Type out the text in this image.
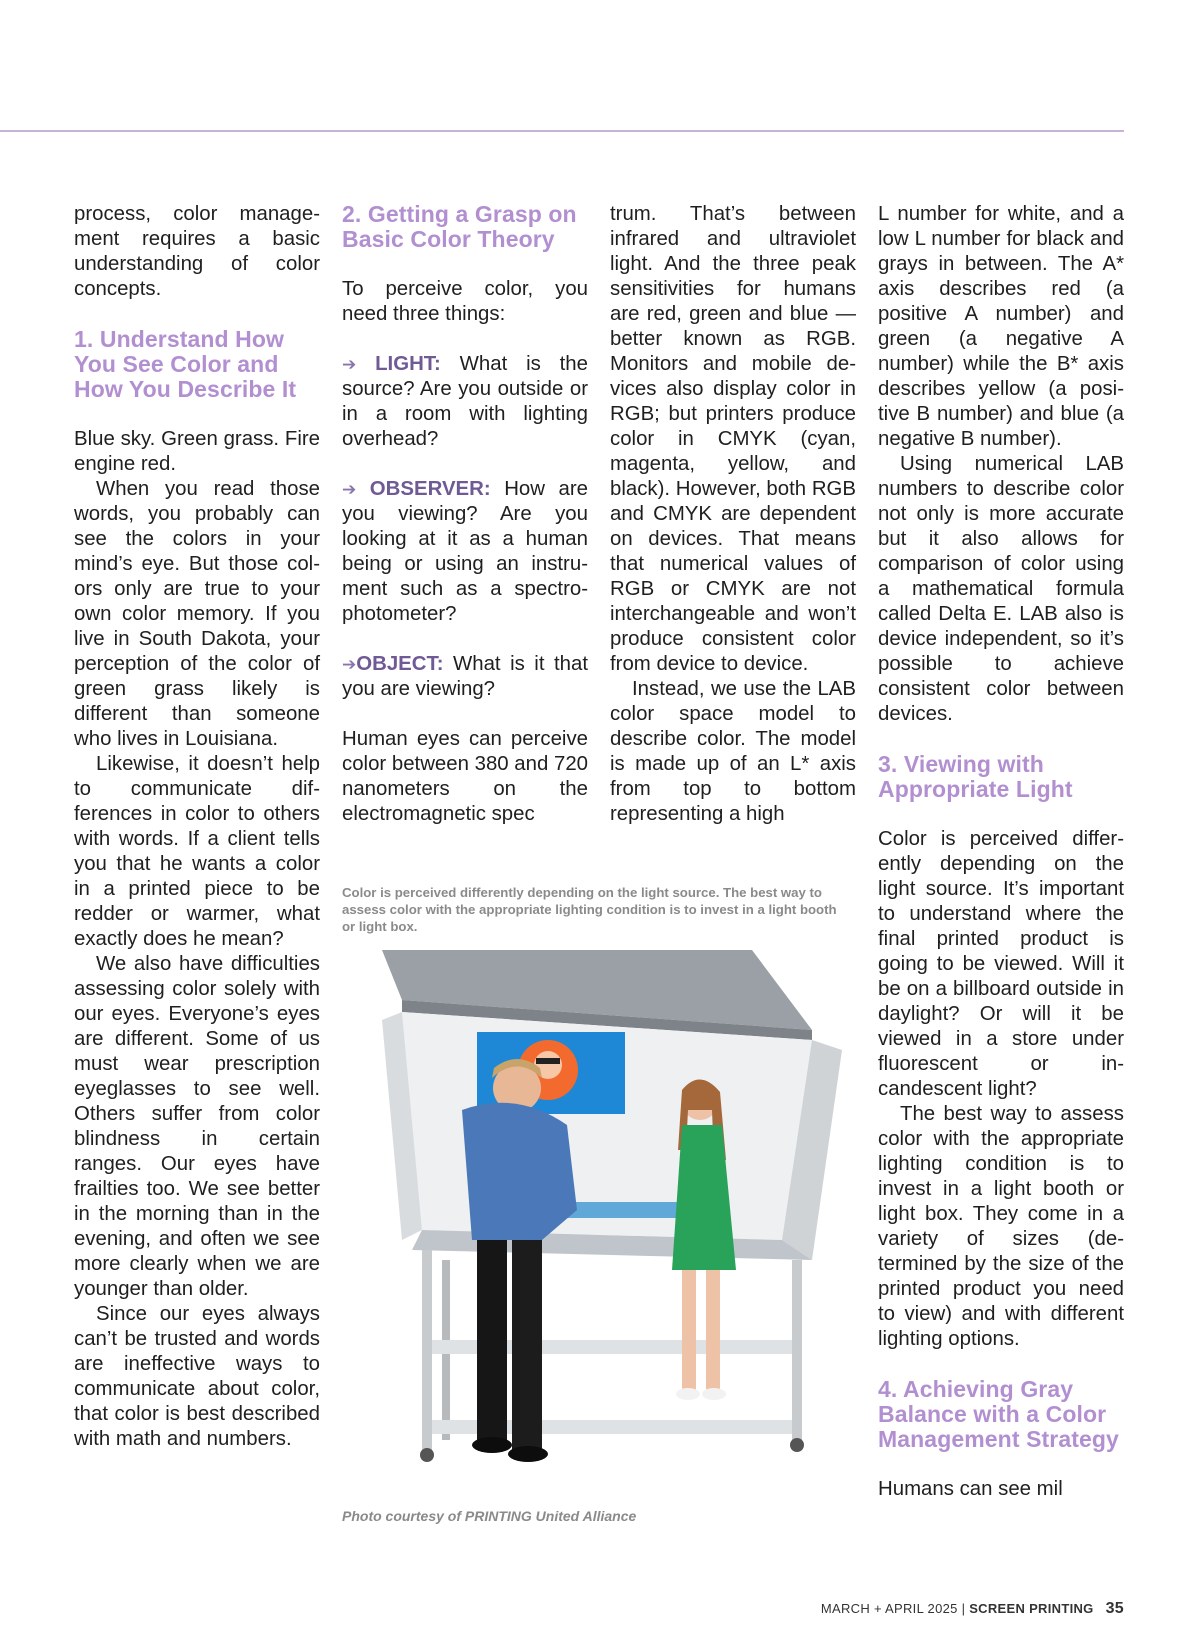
process, color management requires a basic understanding of color concepts.

1. Understand How You See Color and How You Describe It

Blue sky. Green grass. Fire engine red.

When you read those words, you probably can see the colors in your mind’s eye. But those colors only are true to your own color memory. If you live in South Dakota, your perception of the color of green grass likely is different than someone who lives in Louisiana.

Likewise, it doesn’t help to communicate differences in color to others with words. If a client tells you that he wants a color in a printed piece to be redder or warmer, what exactly does he mean?

We also have difficulties assessing color solely with our eyes. Everyone’s eyes are different. Some of us must wear prescription eyeglasses to see well. Others suffer from color blindness in certain ranges. Our eyes have frailties too. We see better in the morning than in the evening, and often we see more clearly when we are younger than older.

Since our eyes always can’t be trusted and words are ineffective ways to communicate about color, that color is best described with math and numbers.

2. Getting a Grasp on Basic Color Theory

To perceive color, you need three things:

➔ LIGHT: What is the source? Are you outside or in a room with lighting overhead?

➔ OBSERVER: How are you viewing? Are you looking at it as a human being or using an instrument such as a spectrophotometer?

➔OBJECT: What is it that you are viewing?

Human eyes can perceive color between 380 and 720 nanometers on the electromagnetic spec

trum. That’s between infrared and ultraviolet light. And the three peak sensitivities for humans are red, green and blue — better known as RGB. Monitors and mobile devices also display color in RGB; but printers produce color in CMYK (cyan, magenta, yellow, and black). However, both RGB and CMYK are dependent on devices. That means that numerical values of RGB or CMYK are not interchangeable and won’t produce consistent color from device to device.

Instead, we use the LAB color space model to describe color. The model is made up of an L* axis from top to bottom representing a high

L number for white, and a low L number for black and grays in between. The A* axis describes red (a positive A number) and green (a negative A number) while the B* axis describes yellow (a positive B number) and blue (a negative B number).

Using numerical LAB numbers to describe color not only is more accurate but it also allows for comparison of color using a mathematical formula called Delta E. LAB also is device independent, so it’s possible to achieve consistent color between devices.

3. Viewing with Appropriate Light

Color is perceived differently depending on the light source. It’s important to understand where the final printed product is going to be viewed. Will it be on a billboard outside in daylight? Or will it be viewed in a store under fluorescent or incandescent light?

The best way to assess color with the appropriate lighting condition is to invest in a light booth or light box. They come in a variety of sizes (determined by the size of the printed product you need to view) and with different lighting options.

4. Achieving Gray Balance with a Color Management Strategy

Humans can see mil

Color is perceived differently depending on the light source. The best way to assess color with the appropriate lighting condition is to invest in a light booth or light box.
Photo courtesy of PRINTING United Alliance
MARCH + APRIL 2025 | SCREEN PRINTING 35
